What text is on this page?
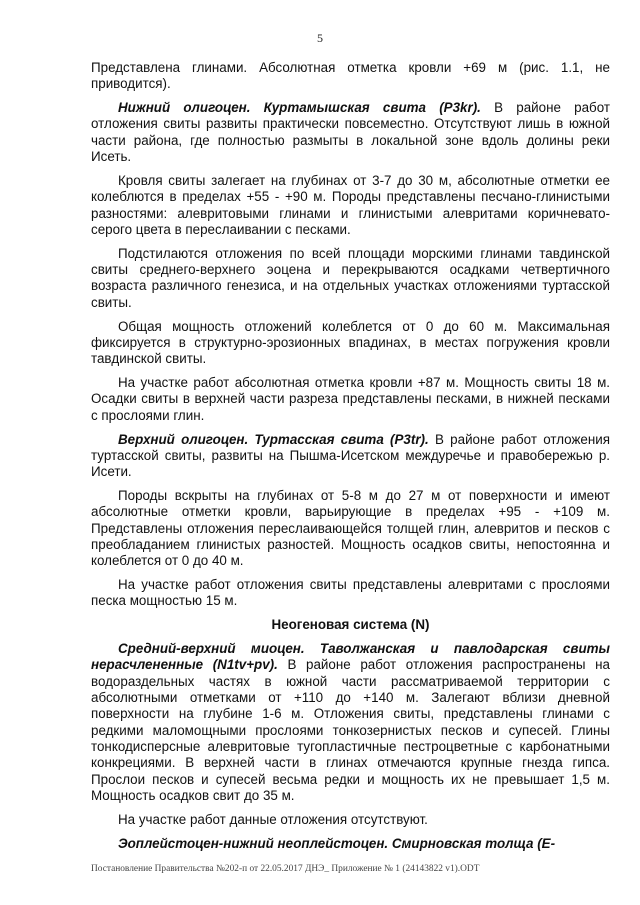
5

Представлена глинами. Абсолютная отметка кровли +69 м (рис. 1.1, не приводится).

Нижний олигоцен. Куртамышская свита (P3kr). В районе работ отложения свиты развиты практически повсеместно. Отсутствуют лишь в южной части района, где полностью размыты в локальной зоне вдоль долины реки Исеть.

Кровля свиты залегает на глубинах от 3-7 до 30 м, абсолютные отметки ее колеблются в пределах +55 - +90 м. Породы представлены песчано-глинистыми разностями: алевритовыми глинами и глинистыми алевритами коричневато-серого цвета в переслаивании с песками.

Подстилаются отложения по всей площади морскими глинами тавдинской свиты среднего-верхнего эоцена и перекрываются осадками четвертичного возраста различного генезиса, и на отдельных участках отложениями туртасской свиты.

Общая мощность отложений колеблется от 0 до 60 м. Максимальная фиксируется в структурно-эрозионных впадинах, в местах погружения кровли тавдинской свиты.

На участке работ абсолютная отметка кровли +87 м. Мощность свиты 18 м. Осадки свиты в верхней части разреза представлены песками, в нижней песками с прослоями глин.

Верхний олигоцен. Туртасская свита (P3tr). В районе работ отложения туртасской свиты, развиты на Пышма-Исетском междуречье и правобережью р. Исети.

Породы вскрыты на глубинах от 5-8 м до 27 м от поверхности и имеют абсолютные отметки кровли, варьирующие в пределах +95 - +109 м. Представлены отложения переслаивающейся толщей глин, алевритов и песков с преобладанием глинистых разностей. Мощность осадков свиты, непостоянна и колеблется от 0 до 40 м.

На участке работ отложения свиты представлены алевритами с прослоями песка мощностью 15 м.

Неогеновая система (N)

Средний-верхний миоцен. Таволжанская и павлодарская свиты нерасчлененные (N1tv+pv). В районе работ отложения распространены на водораздельных частях в южной части рассматриваемой территории с абсолютными отметками от +110 до +140 м. Залегают вблизи дневной поверхности на глубине 1-6 м. Отложения свиты, представлены глинами с редкими маломощными прослоями тонкозернистых песков и супесей. Глины тонкодисперсные алевритовые тугопластичные пестроцветные с карбонатными конкрециями. В верхней части в глинах отмечаются крупные гнезда гипса. Прослои песков и супесей весьма редки и мощность их не превышает 1,5 м. Мощность осадков свит до 35 м.

На участке работ данные отложения отсутствуют.

Эоплейстоцен-нижний неоплейстоцен. Смирновская толща (E-

Постановление Правительства №202-п от 22.05.2017 ДНЭ_ Приложение № 1 (24143822 v1).ODT
